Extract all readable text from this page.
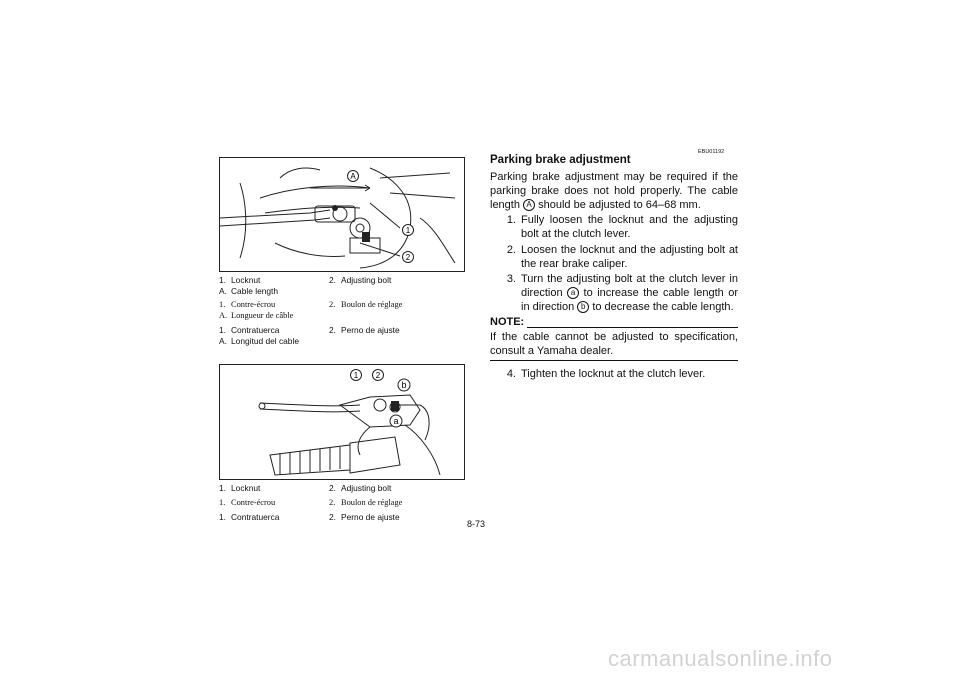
A
1
2
1. Locknut	2. Adjusting bolt
A. Cable length
1. Contre-écrou	2. Boulon de réglage
A. Longueur de câble
1. Contratuerca	2. Perno de ajuste
A. Longitud del cable
1 2
b
a
1. Locknut	2. Adjusting bolt
1. Contre-écrou	2. Boulon de réglage
1. Contratuerca	2. Perno de ajuste
EBU01192
Parking brake adjustment
Parking brake adjustment may be required if the parking brake does not hold properly. The cable length A should be adjusted to 64–68 mm.
1. Fully loosen the locknut and the adjusting bolt at the clutch lever.
2. Loosen the locknut and the adjusting bolt at the rear brake caliper.
3. Turn the adjusting bolt at the clutch lever in direction a to increase the cable length or in direction b to decrease the cable length.
NOTE:
If the cable cannot be adjusted to specification, consult a Yamaha dealer.
4. Tighten the locknut at the clutch lever.
8-73
carmanualsonline.info
